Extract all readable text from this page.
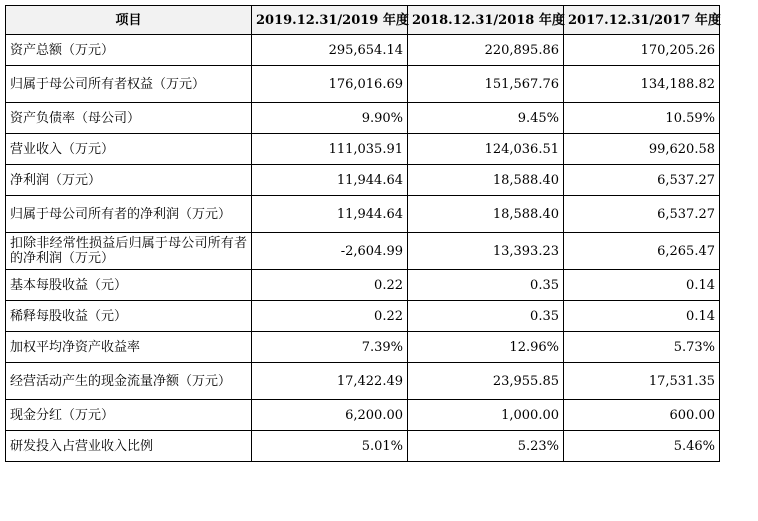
项目	2019.12.31/2019 年度	2018.12.31/2018 年度	2017.12.31/2017 年度
资产总额（万元）	295,654.14	220,895.86	170,205.26
归属于母公司所有者权益（万元）	176,016.69	151,567.76	134,188.82
资产负债率（母公司）	9.90%	9.45%	10.59%
营业收入（万元）	111,035.91	124,036.51	99,620.58
净利润（万元）	11,944.64	18,588.40	6,537.27
归属于母公司所有者的净利润（万元）	11,944.64	18,588.40	6,537.27
扣除非经常性损益后归属于母公司所有者的净利润（万元）	-2,604.99	13,393.23	6,265.47
基本每股收益（元）	0.22	0.35	0.14
稀释每股收益（元）	0.22	0.35	0.14
加权平均净资产收益率	7.39%	12.96%	5.73%
经营活动产生的现金流量净额（万元）	17,422.49	23,955.85	17,531.35
现金分红（万元）	6,200.00	1,000.00	600.00
研发投入占营业收入比例	5.01%	5.23%	5.46%
